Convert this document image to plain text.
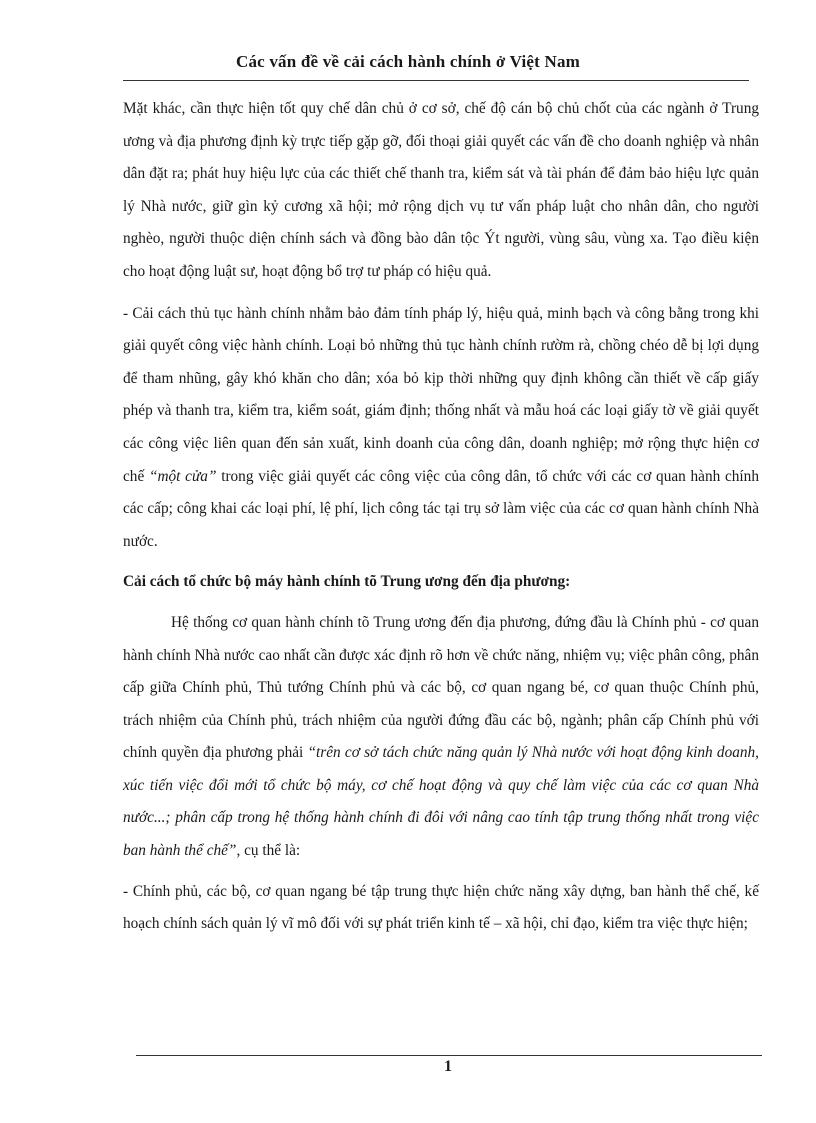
Các vấn đề về cải cách hành chính ở Việt Nam

Mặt khác, cần thực hiện tốt quy chế dân chủ ở cơ sở, chế độ cán bộ chủ chốt của các ngành ở Trung ương và địa phương định kỳ trực tiếp gặp gỡ, đối thoại giải quyết các vấn đề cho doanh nghiệp và nhân dân đặt ra; phát huy hiệu lực của các thiết chế thanh tra, kiểm sát và tài phán để đảm bảo hiệu lực quản lý Nhà nước, giữ gìn kỷ cương xã hội; mở rộng dịch vụ tư vấn pháp luật cho nhân dân, cho người nghèo, người thuộc diện chính sách và đồng bào dân tộc Ýt người, vùng sâu, vùng xa. Tạo điều kiện cho hoạt động luật sư, hoạt động bổ trợ tư pháp có hiệu quả.

- Cải cách thủ tục hành chính nhằm bảo đảm tính pháp lý, hiệu quả, minh bạch và công bằng trong khi giải quyết công việc hành chính. Loại bỏ những thủ tục hành chính rườm rà, chồng chéo dễ bị lợi dụng để tham nhũng, gây khó khăn cho dân; xóa bỏ kịp thời những quy định không cần thiết về cấp giấy phép và thanh tra, kiểm tra, kiểm soát, giám định; thống nhất và mẫu hoá các loại giấy tờ về giải quyết các công việc liên quan đến sản xuất, kinh doanh của công dân, doanh nghiệp; mở rộng thực hiện cơ chế “một cửa” trong việc giải quyết các công việc của công dân, tổ chức với các cơ quan hành chính các cấp; công khai các loại phí, lệ phí, lịch công tác tại trụ sở làm việc của các cơ quan hành chính Nhà nước.

Cải cách tổ chức bộ máy hành chính tõ Trung ương đến địa phương:

Hệ thống cơ quan hành chính tõ Trung ương đến địa phương, đứng đầu là Chính phủ - cơ quan hành chính Nhà nước cao nhất cần được xác định rõ hơn về chức năng, nhiệm vụ; việc phân công, phân cấp giữa Chính phủ, Thủ tướng Chính phủ và các bộ, cơ quan ngang bé, cơ quan thuộc Chính phủ, trách nhiệm của Chính phủ, trách nhiệm của người đứng đầu các bộ, ngành; phân cấp Chính phủ với chính quyền địa phương phải “trên cơ sở tách chức năng quản lý Nhà nước với hoạt động kinh doanh, xúc tiến việc đổi mới tổ chức bộ máy, cơ chế hoạt động và quy chế làm việc của các cơ quan Nhà nước...; phân cấp trong hệ thống hành chính đi đôi với nâng cao tính tập trung thống nhất trong việc ban hành thể chế”, cụ thể là:

- Chính phủ, các bộ, cơ quan ngang bé tập trung thực hiện chức năng xây dựng, ban hành thể chế, kế hoạch chính sách quản lý vĩ mô đối với sự phát triển kinh tế – xã hội, chỉ đạo, kiểm tra việc thực hiện;

1
